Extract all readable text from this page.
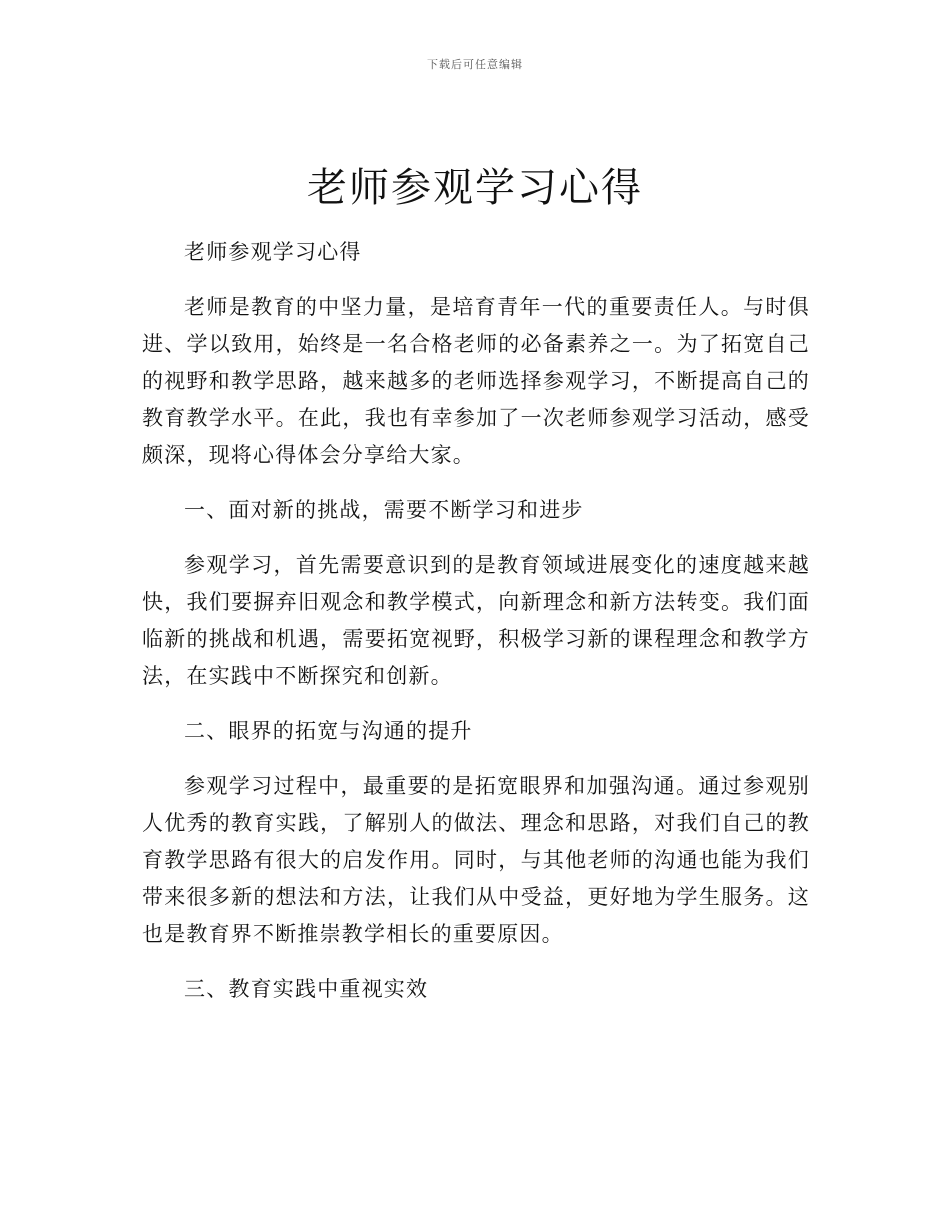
下载后可任意编辑
老师参观学习心得

老师参观学习心得

老师是教育的中坚力量，是培育青年一代的重要责任人。与时俱进、学以致用，始终是一名合格老师的必备素养之一。为了拓宽自己的视野和教学思路，越来越多的老师选择参观学习，不断提高自己的教育教学水平。在此，我也有幸参加了一次老师参观学习活动，感受颇深，现将心得体会分享给大家。

一、面对新的挑战，需要不断学习和进步

参观学习，首先需要意识到的是教育领域进展变化的速度越来越快，我们要摒弃旧观念和教学模式，向新理念和新方法转变。我们面临新的挑战和机遇，需要拓宽视野，积极学习新的课程理念和教学方法，在实践中不断探究和创新。

二、眼界的拓宽与沟通的提升

参观学习过程中，最重要的是拓宽眼界和加强沟通。通过参观别人优秀的教育实践，了解别人的做法、理念和思路，对我们自己的教育教学思路有很大的启发作用。同时，与其他老师的沟通也能为我们带来很多新的想法和方法，让我们从中受益，更好地为学生服务。这也是教育界不断推崇教学相长的重要原因。

三、教育实践中重视实效
